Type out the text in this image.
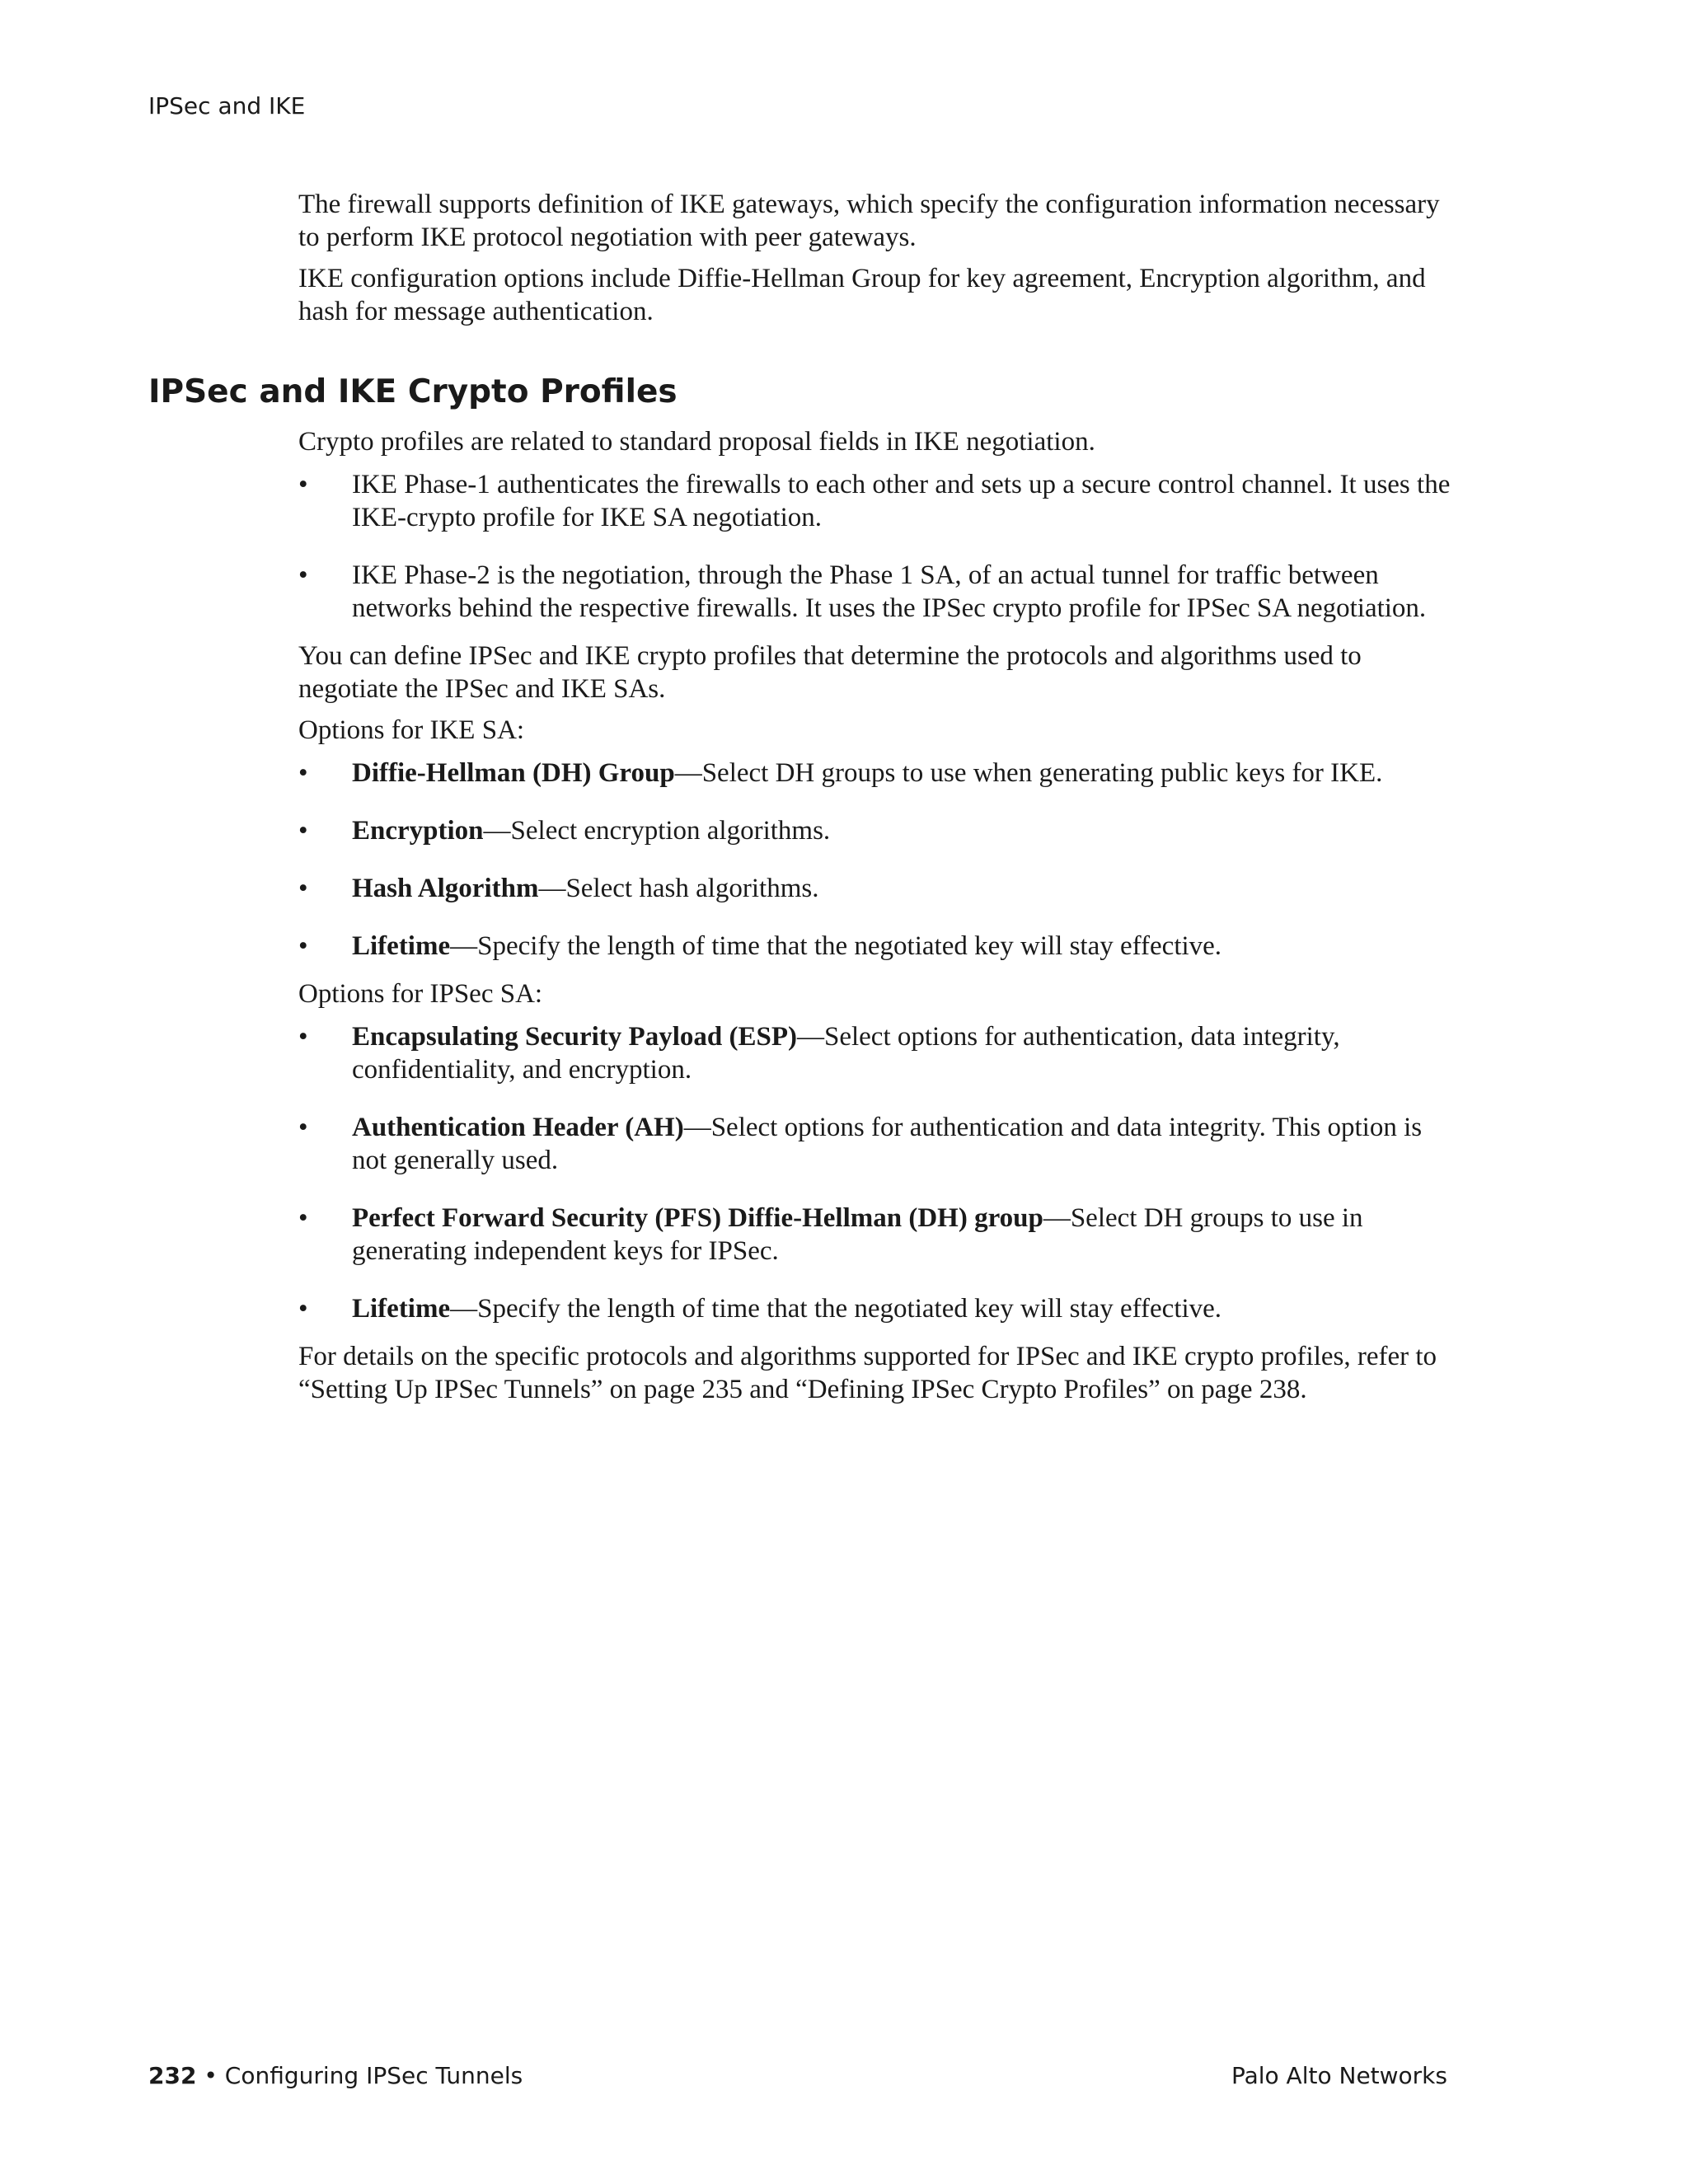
IPSec and IKE

The firewall supports definition of IKE gateways, which specify the configuration information necessary to perform IKE protocol negotiation with peer gateways.

IKE configuration options include Diffie-Hellman Group for key agreement, Encryption algorithm, and hash for message authentication.

IPSec and IKE Crypto Profiles

Crypto profiles are related to standard proposal fields in IKE negotiation.

• IKE Phase-1 authenticates the firewalls to each other and sets up a secure control channel. It uses the IKE-crypto profile for IKE SA negotiation.
• IKE Phase-2 is the negotiation, through the Phase 1 SA, of an actual tunnel for traffic between networks behind the respective firewalls. It uses the IPSec crypto profile for IPSec SA negotiation.

You can define IPSec and IKE crypto profiles that determine the protocols and algorithms used to negotiate the IPSec and IKE SAs.

Options for IKE SA:

• Diffie-Hellman (DH) Group—Select DH groups to use when generating public keys for IKE.
• Encryption—Select encryption algorithms.
• Hash Algorithm—Select hash algorithms.
• Lifetime—Specify the length of time that the negotiated key will stay effective.

Options for IPSec SA:

• Encapsulating Security Payload (ESP)—Select options for authentication, data integrity, confidentiality, and encryption.
• Authentication Header (AH)—Select options for authentication and data integrity. This option is not generally used.
• Perfect Forward Security (PFS) Diffie-Hellman (DH) group—Select DH groups to use in generating independent keys for IPSec.
• Lifetime—Specify the length of time that the negotiated key will stay effective.

For details on the specific protocols and algorithms supported for IPSec and IKE crypto profiles, refer to “Setting Up IPSec Tunnels” on page 235 and “Defining IPSec Crypto Profiles” on page 238.

232 • Configuring IPSec Tunnels	Palo Alto Networks
